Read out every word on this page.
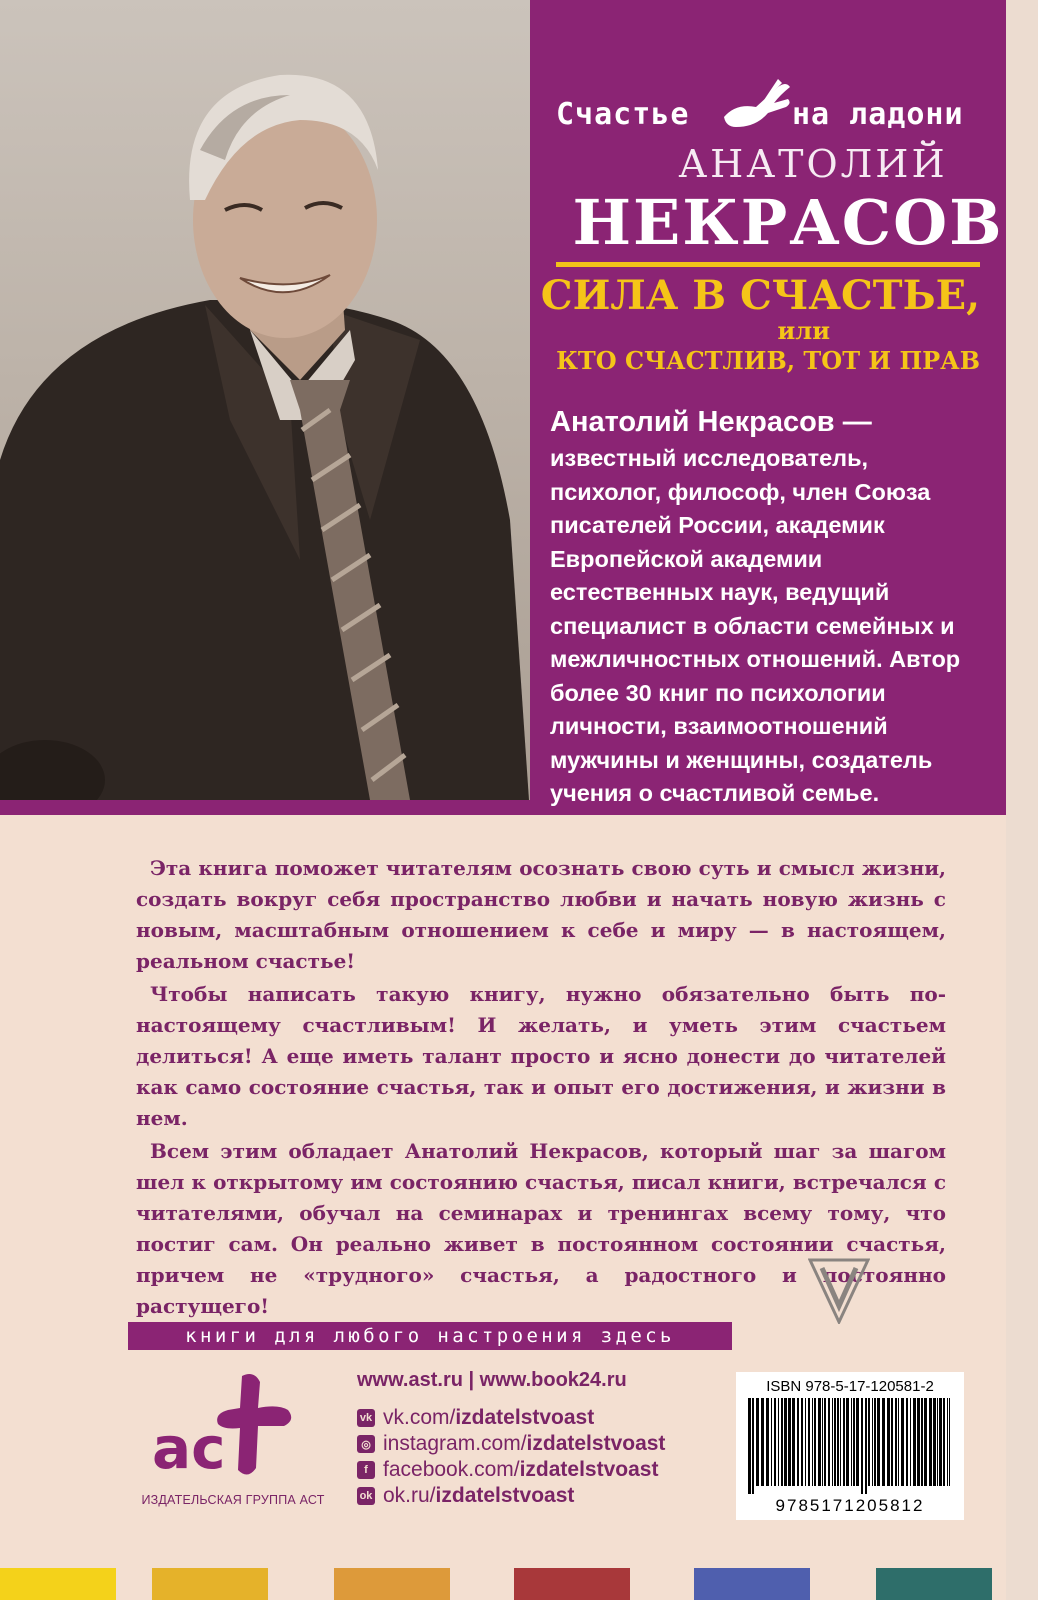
Счастье	на ладони
АНАТОЛИЙ
НЕКРАСОВ
СИЛА В СЧАСТЬЕ,
или
КТО СЧАСТЛИВ, ТОТ И ПРАВ
Анатолий Некрасов —
известный исследователь, психолог, философ, член Союза писателей России, академик Европейской академии естественных наук, ведущий специалист в области семейных и межличностных отношений. Автор более 30 книг по психологии личности, взаимоотношений мужчины и женщины, создатель учения о счастливой семье.

Эта книга поможет читателям осознать свою суть и смысл жизни, создать вокруг себя пространство любви и начать новую жизнь с новым, масштабным отношением к себе и миру — в настоящем, реальном счастье!

Чтобы написать такую книгу, нужно обязательно быть по-настоящему счастливым! И желать, и уметь этим счастьем делиться! А еще иметь талант просто и ясно донести до читателей как само состояние счастья, так и опыт его достижения, и жизни в нем.

Всем этим обладает Анатолий Некрасов, который шаг за шагом шел к открытому им состоянию счастья, писал книги, встречался с читателями, обучал на семинарах и тренингах всему тому, что постиг сам. Он реально живет в постоянном состоянии счастья, причем не «трудного» счастья, а радостного и постоянно растущего!

книги для любого настроения здесь
ac
ИЗДАТЕЛЬСКАЯ ГРУППА АСТ
www.ast.ru | www.book24.ru
vk vk.com/ izdatelstvoast
◎ instagram.com/ izdatelstvoast
f facebook.com/ izdatelstvoast
ok ok.ru/ izdatelstvoast
ISBN 978-5-17-120581-2
9785171205812
